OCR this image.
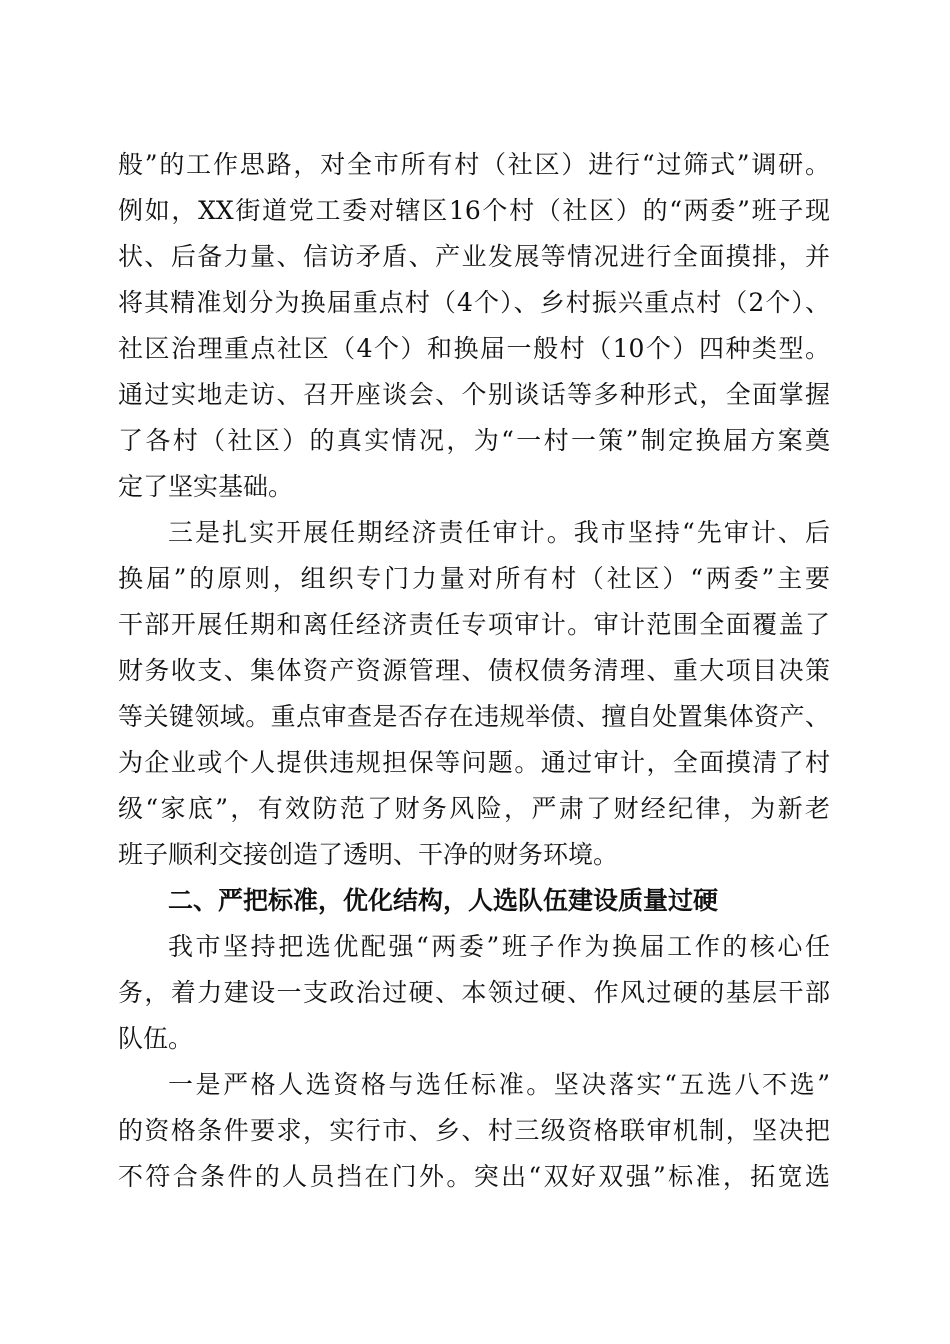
般”的工作思路，对全市所有村（社区）进行“过筛式”调研。
例如，XX街道党工委对辖区16个村（社区）的“两委”班子现
状、后备力量、信访矛盾、产业发展等情况进行全面摸排，并
将其精准划分为换届重点村（4个）、乡村振兴重点村（2个）、
社区治理重点社区（4个）和换届一般村（10个）四种类型。
通过实地走访、召开座谈会、个别谈话等多种形式，全面掌握
了各村（社区）的真实情况，为“一村一策”制定换届方案奠
定了坚实基础。
三是扎实开展任期经济责任审计。我市坚持“先审计、后
换届”的原则，组织专门力量对所有村（社区）“两委”主要
干部开展任期和离任经济责任专项审计。审计范围全面覆盖了
财务收支、集体资产资源管理、债权债务清理、重大项目决策
等关键领域。重点审查是否存在违规举债、擅自处置集体资产、
为企业或个人提供违规担保等问题。通过审计，全面摸清了村
级“家底”，有效防范了财务风险，严肃了财经纪律，为新老
班子顺利交接创造了透明、干净的财务环境。
二、严把标准，优化结构，人选队伍建设质量过硬
我市坚持把选优配强“两委”班子作为换届工作的核心任
务，着力建设一支政治过硬、本领过硬、作风过硬的基层干部
队伍。
一是严格人选资格与选任标准。坚决落实“五选八不选”
的资格条件要求，实行市、乡、村三级资格联审机制，坚决把
不符合条件的人员挡在门外。突出“双好双强”标准，拓宽选
